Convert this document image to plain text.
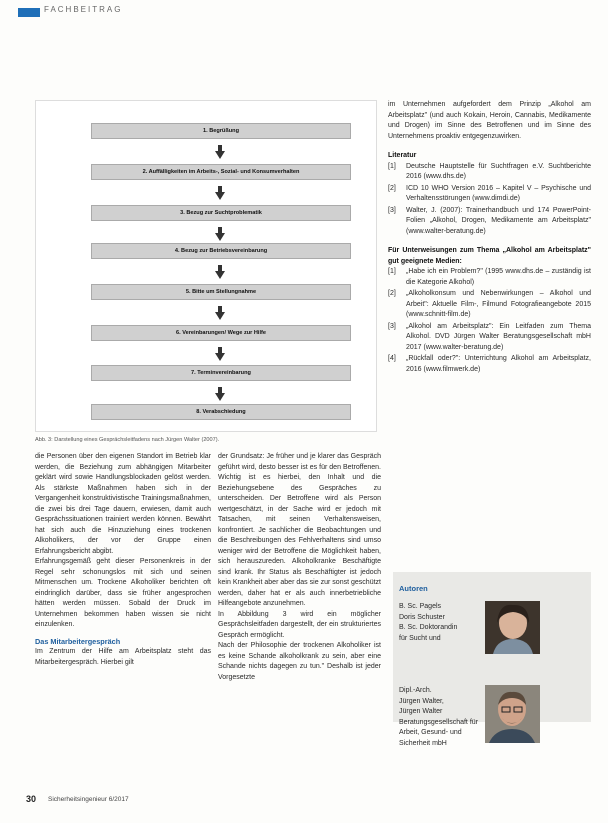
FACHBEITRAG
1. Begrüßung
2. Auffälligkeiten im Arbeits-, Sozial- und Konsumverhalten
3. Bezug zur Suchtproblematik
4. Bezug zur Betriebsvereinbarung
5. Bitte um Stellungnahme
6. Vereinbarungen/ Wege zur Hilfe
7. Terminvereinbarung
8. Verabschiedung
Abb. 3: Darstellung eines Gesprächsleitfadens nach Jürgen Walter (2007).

die Personen über den eigenen Standort im Betrieb klar werden, die Beziehung zum abhängigen Mitarbeiter geklärt wird sowie Handlungsblockaden gelöst werden. Als stärkste Maßnahmen haben sich in der Vergangenheit konstruktivistische Trainingsmaßnahmen, die zwei bis drei Tage dauern, erwiesen, damit auch Gesprächssituationen trainiert werden können. Bewährt hat sich auch die Hinzuziehung eines trockenen Alkoholikers, der vor der Gruppe einen Erfahrungsbericht abgibt.

Erfahrungsgemäß geht dieser Personenkreis in der Regel sehr schonungslos mit sich und seinen Mitmenschen um. Trockene Alkoholiker berichten oft eindringlich darüber, dass sie früher angesprochen hätten werden müssen. Sobald der Druck im Unternehmen bekommen haben wissen sie nicht einzulenken.

Das Mitarbeitergespräch

Im Zentrum der Hilfe am Arbeitsplatz steht das Mitarbeitergespräch. Hierbei gilt

der Grundsatz: Je früher und je klarer das Gespräch geführt wird, desto besser ist es für den Betroffenen. Wichtig ist es hierbei, den Inhalt und die Beziehungsebene des Gespräches zu unterscheiden. Der Betroffene wird als Person wertgeschätzt, in der Sache wird er jedoch mit Tatsachen, mit seinen Verhaltensweisen, konfrontiert. Je sachlicher die Beobachtungen und die Beschreibungen des Fehlverhaltens sind umso weniger wird der Betroffene die Möglichkeit haben, sich herauszureden. Alkoholkranke Beschäftigte sind krank. Ihr Status als Beschäftigter ist jedoch kein Krankheit aber aber das sie zur sonst geschützt werden, daher hat er als auch innerbetriebliche Hilfeangebote anzunehmen.

In Abbildung 3 wird ein möglicher Gesprächsleitfaden dargestellt, der ein strukturiertes Gespräch ermöglicht.

Nach der Philosophie der trockenen Alkoholiker ist es keine Schande alkoholkrank zu sein, aber eine Schande nichts dagegen zu tun." Deshalb ist jeder Vorgesetzte

im Unternehmen aufgefordert dem Prinzip „Alkohol am Arbeitsplatz" (und auch Kokain, Heroin, Cannabis, Medikamente und Drogen) im Sinne des Betroffenen und im Sinne des Unternehmens proaktiv entgegenzuwirken.

Literatur

[1]	Deutsche Hauptstelle für Suchtfragen e.V. Suchtberichte 2016 (www.dhs.de)
[2]	ICD 10 WHO Version 2016 – Kapitel V – Psychische und Verhaltensstörungen (www.dimdi.de)
[3]	Walter, J. (2007): Trainerhandbuch und 174 PowerPoint-Folien „Alkohol, Drogen, Medikamente am Arbeitsplatz" (www.walter-beratung.de)

Für Unterweisungen zum Thema „Alkohol am Arbeitsplatz" gut geeignete Medien:

[1]	„Habe ich ein Problem?" (1995 www.dhs.de – zuständig ist die Kategorie Alkohol)
[2]	„Alkoholkonsum und Nebenwirkungen – Alkohol und Arbeit": Aktuelle Film-, Filmund Fotografieangebote 2015 (www.schnitt-film.de)
[3]	„Alkohol am Arbeitsplatz": Ein Leitfaden zum Thema Alkohol. DVD Jürgen Walter Beratungsgesellschaft mbH 2017 (www.walter-beratung.de)
[4]	„Rückfall oder?": Unterrichtung Alkohol am Arbeitsplatz, 2016 (www.filmwerk.de)
Autoren

B. Sc. Pagels

Doris Schuster

B. Sc. Doktorandin

für Sucht und

Dipl.-Arch.

Jürgen Walter,

Jürgen Walter Beratungsgesellschaft für

Arbeit, Gesund- und

Sicherheit mbH

30 Sicherheitsingenieur 6/2017
